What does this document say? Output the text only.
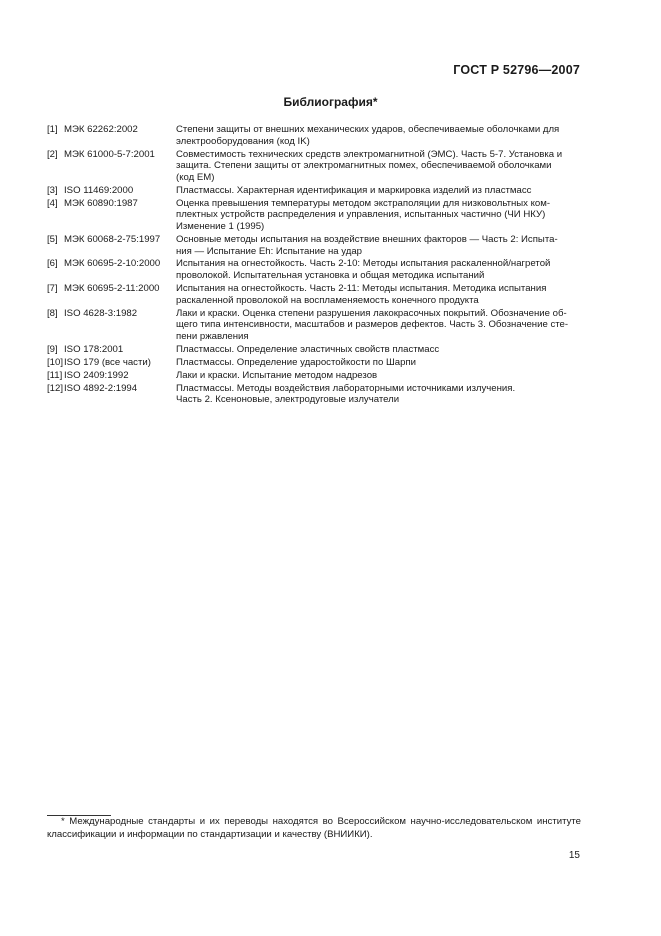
ГОСТ Р 52796—2007
Библиография*
[1] МЭК 62262:2002	Степени защиты от внешних механических ударов, обеспечиваемые оболочками для
электрооборудования (код IK)
[2] МЭК 61000-5-7:2001	Совместимость технических средств электромагнитной (ЭМС). Часть 5-7. Установка и
защита. Степени защиты от электромагнитных помех, обеспечиваемой оболочками
(код ЕМ)
[3] ISO 11469:2000	Пластмассы. Характерная идентификация и маркировка изделий из пластмасс
[4] МЭК 60890:1987	Оценка превышения температуры методом экстраполяции для низковольтных ком-
плектных устройств распределения и управления, испытанных частично (ЧИ НКУ)
Изменение 1 (1995)
[5] МЭК 60068-2-75:1997	Основные методы испытания на воздействие внешних факторов — Часть 2: Испыта-
ния — Испытание Eh: Испытание на удар
[6] МЭК 60695-2-10:2000	Испытания на огнестойкость. Часть 2-10: Методы испытания раскаленной/нагретой
проволокой. Испытательная установка и общая методика испытаний
[7] МЭК 60695-2-11:2000	Испытания на огнестойкость. Часть 2-11: Методы испытания. Методика испытания
раскаленной проволокой на воспламеняемость конечного продукта
[8] ISO 4628-3:1982	Лаки и краски. Оценка степени разрушения лакокрасочных покрытий. Обозначение об-
щего типа интенсивности, масштабов и размеров дефектов. Часть 3. Обозначение сте-
пени ржавления
[9] ISO 178:2001	Пластмассы. Определение эластичных свойств пластмасс
[10] ISO 179 (все части)	Пластмассы. Определение ударостойкости по Шарпи
[11] ISO 2409:1992	Лаки и краски. Испытание методом надрезов
[12] ISO 4892-2:1994	Пластмассы. Методы воздействия лабораторными источниками излучения.
Часть 2. Ксеноновые, электродуговые излучатели
* Международные стандарты и их переводы находятся во Всероссийском научно-исследовательском институте классификации и информации по стандартизации и качеству (ВНИИКИ).
15
